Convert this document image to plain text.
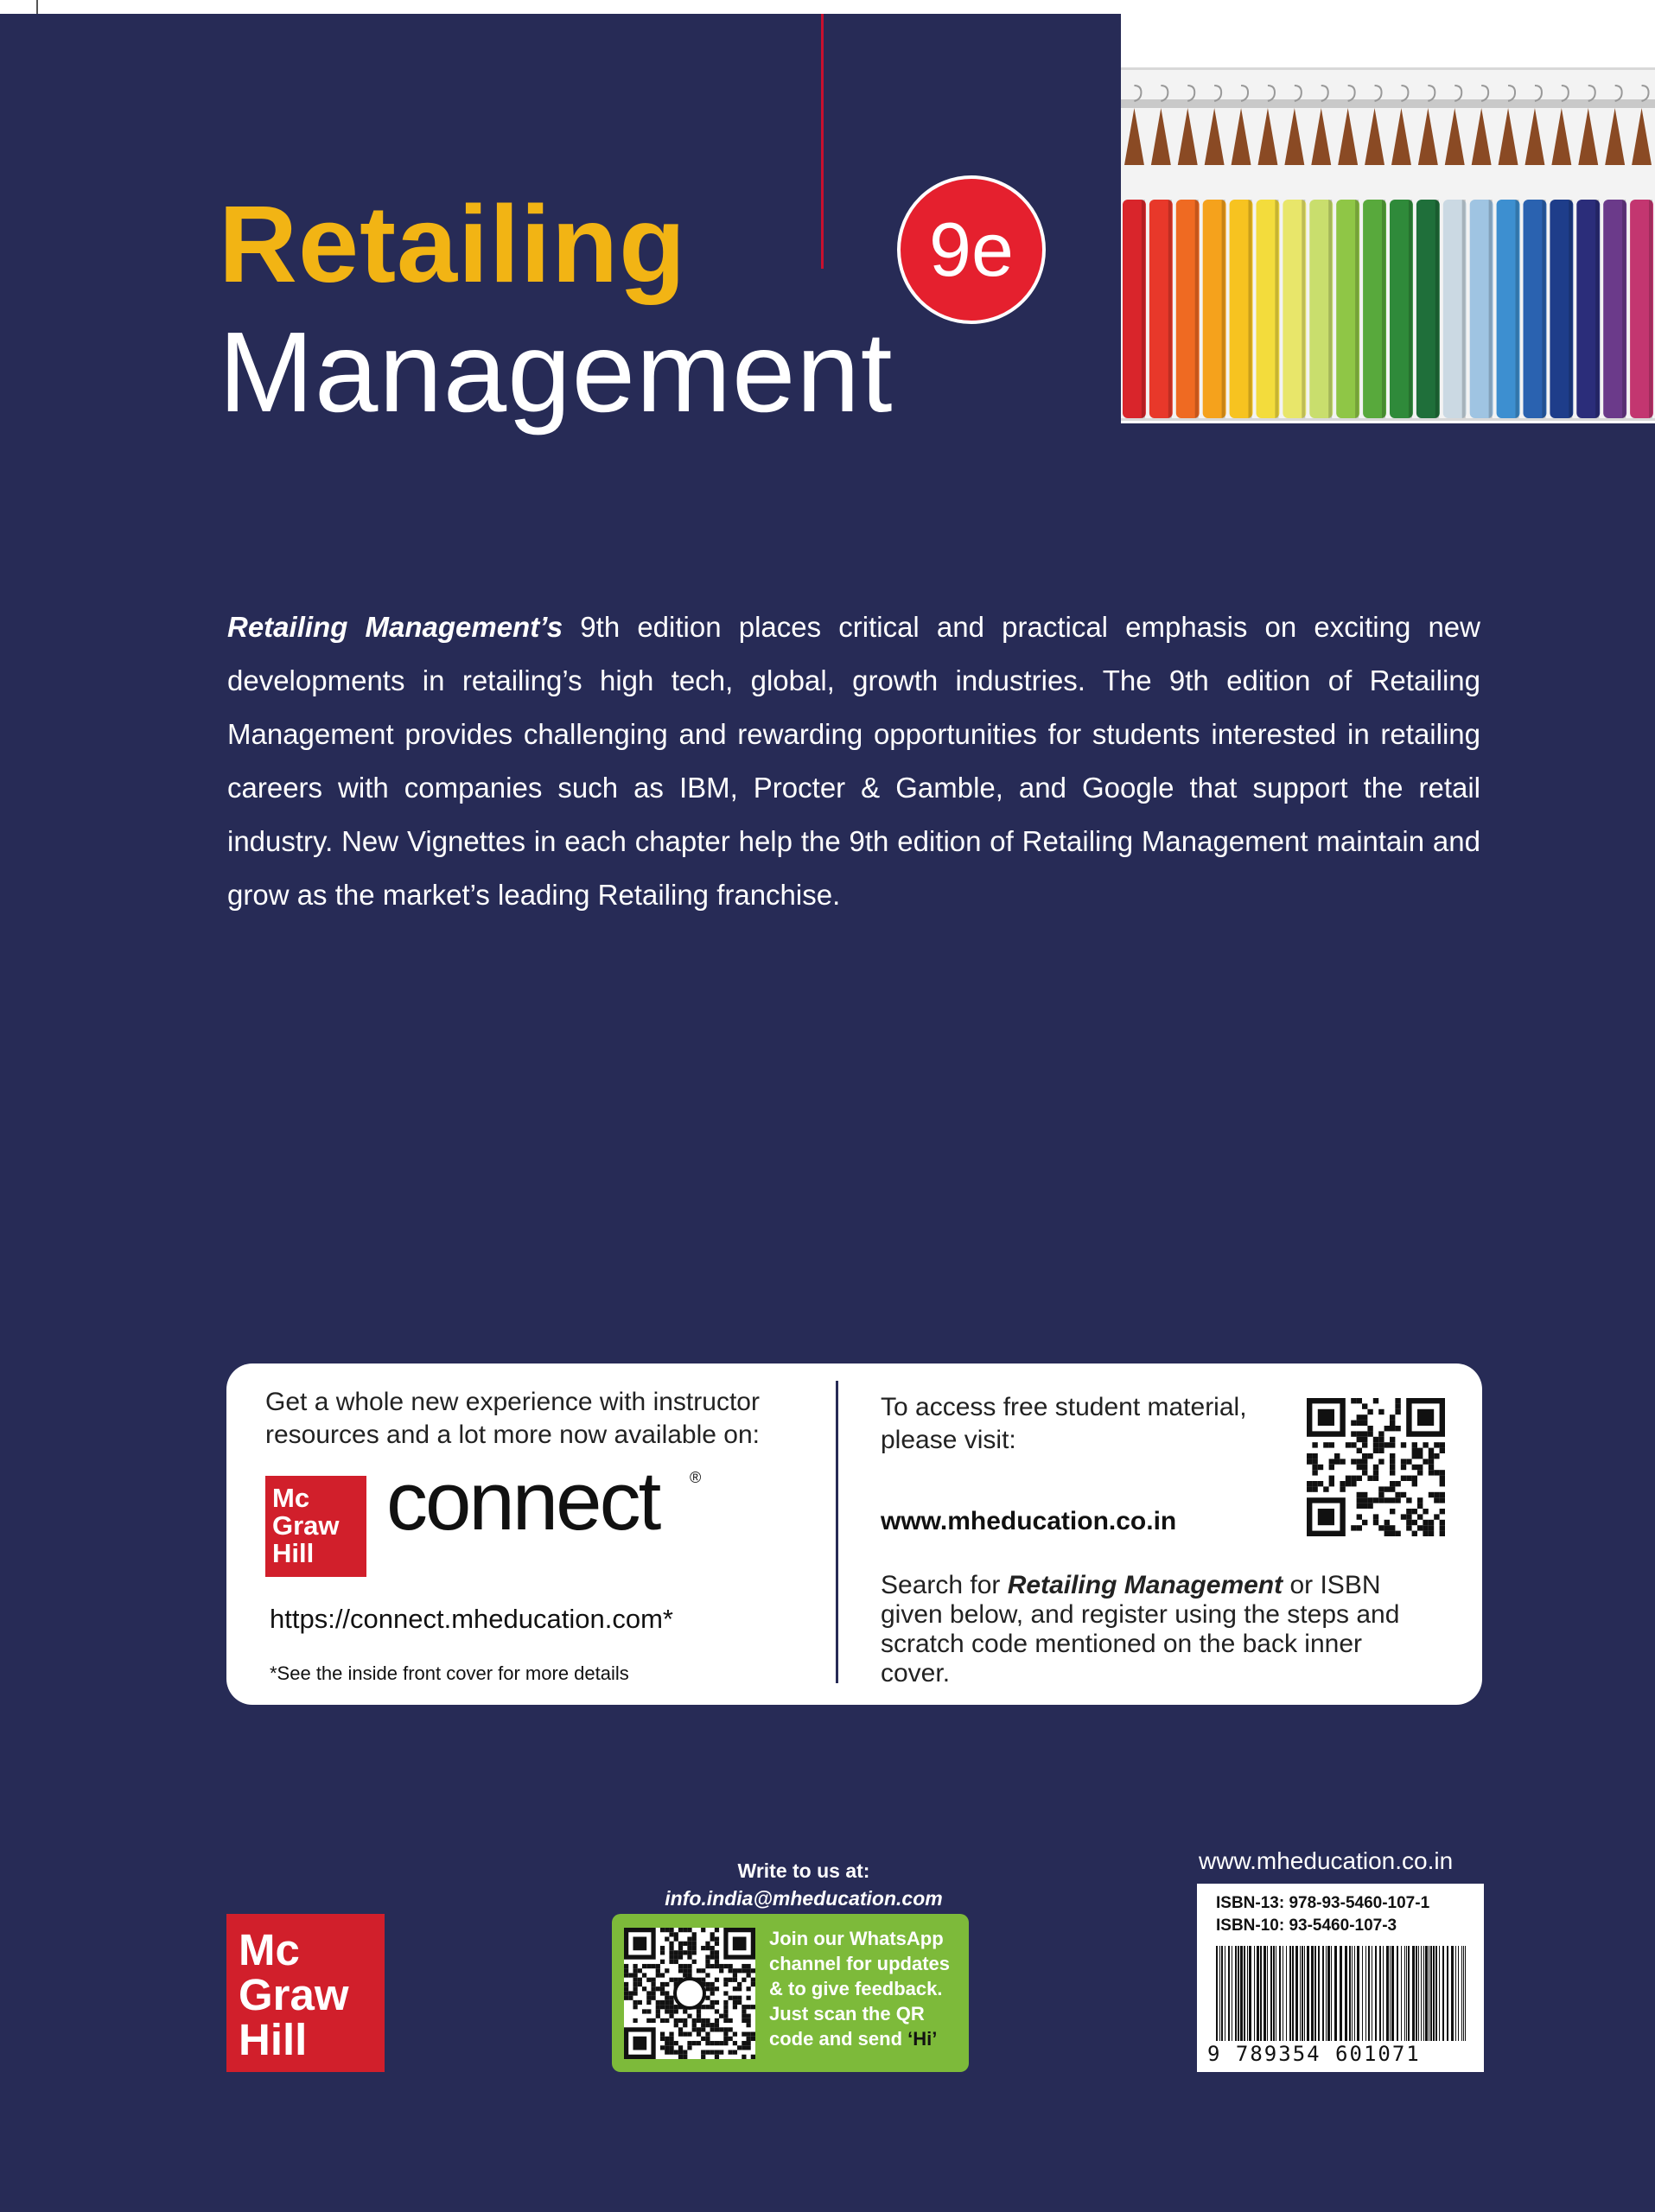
Retailing
Management
9e
Retailing Management’s 9th edition places critical and practical emphasis on exciting new developments in retailing’s high tech, global, growth industries. The 9th edition of Retailing Management provides challenging and rewarding opportunities for students interested in retailing careers with companies such as IBM, Procter & Gamble, and Google that support the retail industry. New Vignettes in each chapter help the 9th edition of Retailing Management maintain and grow as the market’s leading Retailing franchise.
Get a whole new experience with instructor resources and a lot more now available on:
Mc
Graw
Hill
connect ®
https://connect.mheducation.com*
*See the inside front cover for more details
To access free student material, please visit:
www.mheducation.co.in
Search for Retailing Management or ISBN given below, and register using the steps and scratch code mentioned on the back inner cover.
Mc
Graw
Hill
Write to us at:
info.india@mheducation.com
Join our WhatsApp channel for updates & to give feedback. Just scan the QR code and send ‘Hi’
www.mheducation.co.in
ISBN-13: 978-93-5460-107-1
ISBN-10: 93-5460-107-3
9 789354 601071
